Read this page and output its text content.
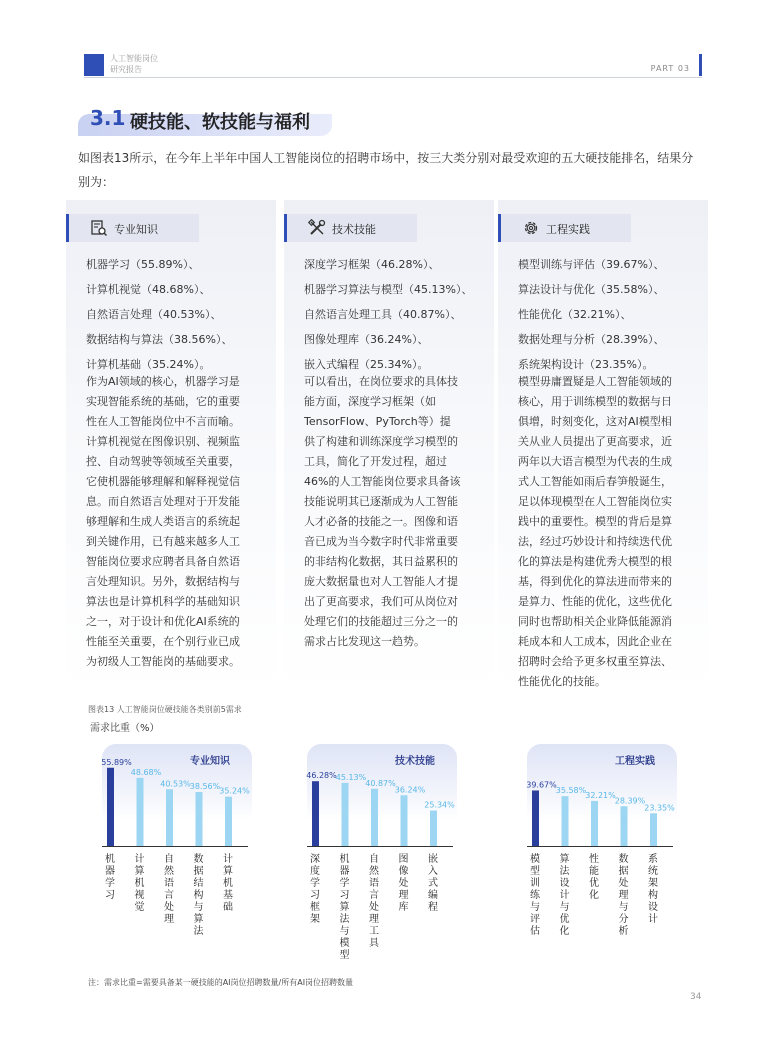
人工智能岗位
研究报告	PART 03
3.1 硬技能、软技能与福利
如图表13所示，在今年上半年中国人工智能岗位的招聘市场中，按三大类分别对最受欢迎的五大硬技能排名，结果分别为：
专业知识
机器学习（55.89%）、
计算机视觉（48.68%）、
自然语言处理（40.53%）、
数据结构与算法（38.56%）、
计算机基础（35.24%）。
作为AI领域的核心，机器学习是
实现智能系统的基础，它的重要
性在人工智能岗位中不言而喻。
计算机视觉在图像识别、视频监
控、自动驾驶等领域至关重要，
它使机器能够理解和解释视觉信
息。而自然语言处理对于开发能
够理解和生成人类语言的系统起
到关键作用，已有越来越多人工
智能岗位要求应聘者具备自然语
言处理知识。另外，数据结构与
算法也是计算机科学的基础知识
之一，对于设计和优化AI系统的
性能至关重要，在个别行业已成
为初级人工智能岗的基础要求。
技术技能
深度学习框架（46.28%）、
机器学习算法与模型（45.13%）、
自然语言处理工具（40.87%）、
图像处理库（36.24%）、
嵌入式编程（25.34%）。
可以看出，在岗位要求的具体技
能方面，深度学习框架（如
TensorFlow、PyTorch等）提
供了构建和训练深度学习模型的
工具，简化了开发过程，超过
46%的人工智能岗位要求具备该
技能说明其已逐渐成为人工智能
人才必备的技能之一。图像和语
音已成为当今数字时代非常重要
的非结构化数据，其日益累积的
庞大数据量也对人工智能人才提
出了更高要求，我们可从岗位对
处理它们的技能超过三分之一的
需求占比发现这一趋势。
工程实践
模型训练与评估（39.67%）、
算法设计与优化（35.58%）、
性能优化（32.21%）、
数据处理与分析（28.39%）、
系统架构设计（23.35%）。
模型毋庸置疑是人工智能领域的
核心，用于训练模型的数据与日
俱增，时刻变化，这对AI模型相
关从业人员提出了更高要求，近
两年以大语言模型为代表的生成
式人工智能如雨后春笋般诞生，
足以体现模型在人工智能岗位实
践中的重要性。模型的背后是算
法，经过巧妙设计和持续迭代优
化的算法是构建优秀大模型的根
基，得到优化的算法进而带来的
是算力、性能的优化，这些优化
同时也帮助相关企业降低能源消
耗成本和人工成本，因此企业在
招聘时会给予更多权重至算法、
性能优化的技能。
图表13 人工智能岗位硬技能各类别前5需求
需求比重（%）
专业知识
机器学习
计算机视觉
自然语言处理
数据结构与算法
计算机基础
55.89%
48.68%
40.53%
38.56%
35.24%
技术技能
深度学习框架
机器学习算法与模型
自然语言处理工具
图像处理库
嵌入式编程
46.28%
45.13%
40.87%
36.24%
25.34%
工程实践
模型训练与评估
算法设计与优化
性能优化
数据处理与分析
系统架构设计
39.67%
35.58%
32.21%
28.39%
23.35%
注：需求比重=需要具备某一硬技能的AI岗位招聘数量/所有AI岗位招聘数量
34
